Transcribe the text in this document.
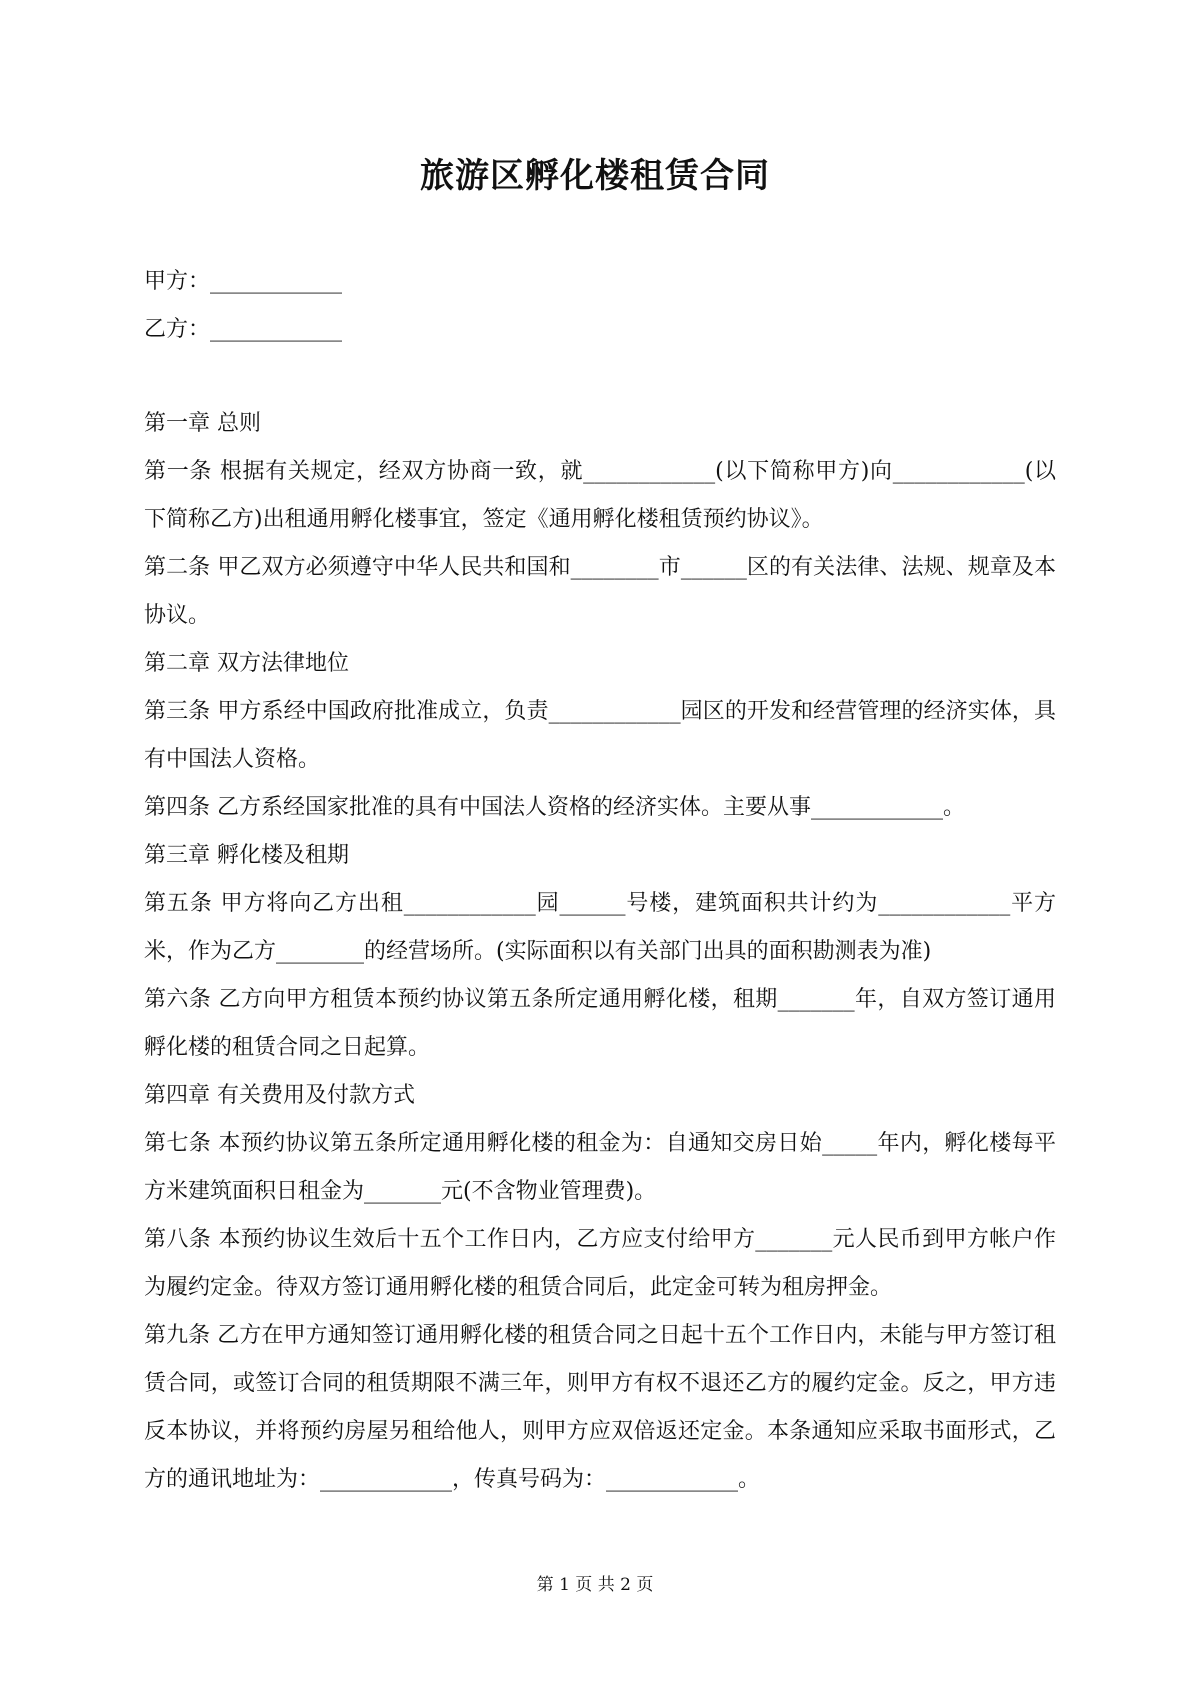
旅游区孵化楼租赁合同
甲方：____________
乙方：____________

第一章 总则

第一条 根据有关规定，经双方协商一致，就____________(以下简称甲方)向____________(以下简称乙方)出租通用孵化楼事宜，签定《通用孵化楼租赁预约协议》。

第二条 甲乙双方必须遵守中华人民共和国和________市______区的有关法律、法规、规章及本协议。

第二章 双方法律地位

第三条 甲方系经中国政府批准成立，负责____________园区的开发和经营管理的经济实体，具有中国法人资格。

第四条 乙方系经国家批准的具有中国法人资格的经济实体。主要从事____________。

第三章 孵化楼及租期

第五条 甲方将向乙方出租____________园______号楼，建筑面积共计约为____________平方米，作为乙方________的经营场所。(实际面积以有关部门出具的面积勘测表为准)

第六条 乙方向甲方租赁本预约协议第五条所定通用孵化楼，租期_______年，自双方签订通用孵化楼的租赁合同之日起算。

第四章 有关费用及付款方式

第七条 本预约协议第五条所定通用孵化楼的租金为：自通知交房日始_____年内，孵化楼每平方米建筑面积日租金为_______元(不含物业管理费)。

第八条 本预约协议生效后十五个工作日内，乙方应支付给甲方_______元人民币到甲方帐户作为履约定金。待双方签订通用孵化楼的租赁合同后，此定金可转为租房押金。

第九条 乙方在甲方通知签订通用孵化楼的租赁合同之日起十五个工作日内，未能与甲方签订租赁合同，或签订合同的租赁期限不满三年，则甲方有权不退还乙方的履约定金。反之，甲方违反本协议，并将预约房屋另租给他人，则甲方应双倍返还定金。本条通知应采取书面形式，乙方的通讯地址为：____________，传真号码为：____________。

第 1 页 共 2 页
